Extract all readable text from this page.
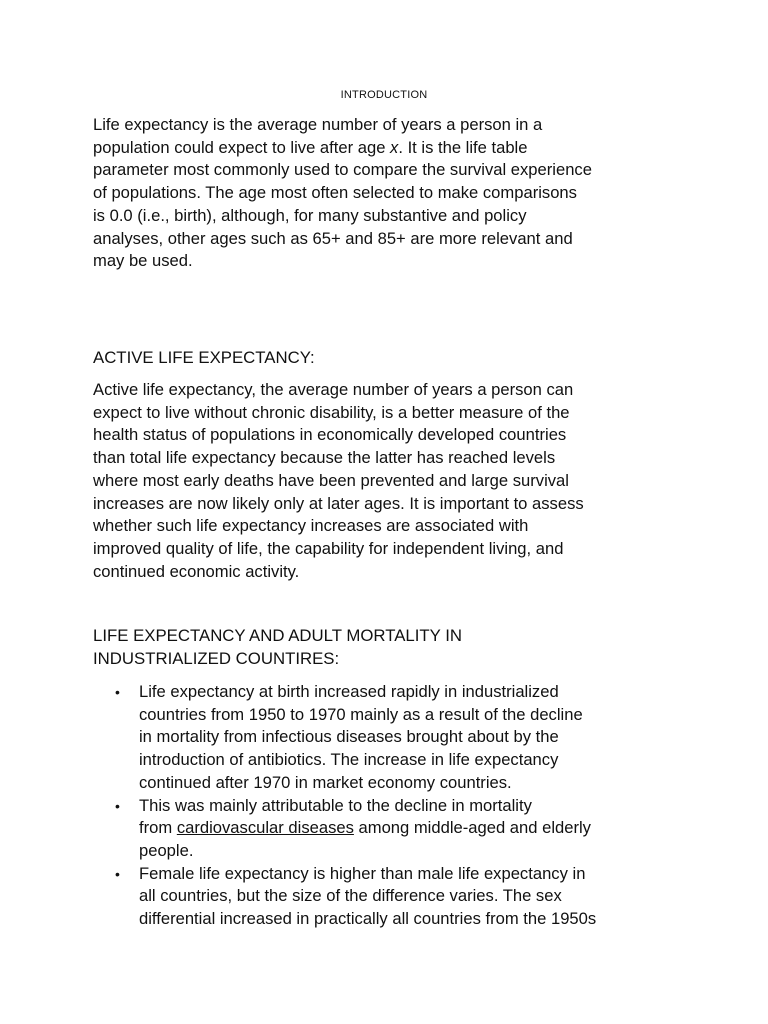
INTRODUCTION

Life expectancy is the average number of years a person in a
population could expect to live after age x. It is the life table
parameter most commonly used to compare the survival experience
of populations. The age most often selected to make comparisons
is 0.0 (i.e., birth), although, for many substantive and policy
analyses, other ages such as 65+ and 85+ are more relevant and
may be used.

ACTIVE LIFE EXPECTANCY:

Active life expectancy, the average number of years a person can
expect to live without chronic disability, is a better measure of the
health status of populations in economically developed countries
than total life expectancy because the latter has reached levels
where most early deaths have been prevented and large survival
increases are now likely only at later ages. It is important to assess
whether such life expectancy increases are associated with
improved quality of life, the capability for independent living, and
continued economic activity.

LIFE EXPECTANCY AND ADULT MORTALITY IN
INDUSTRIALIZED COUNTIRES:
• Life expectancy at birth increased rapidly in industrialized
countries from 1950 to 1970 mainly as a result of the decline
in mortality from infectious diseases brought about by the
introduction of antibiotics. The increase in life expectancy
continued after 1970 in market economy countries.
• This was mainly attributable to the decline in mortality
from cardiovascular diseases among middle-aged and elderly
people.
• Female life expectancy is higher than male life expectancy in
all countries, but the size of the difference varies. The sex
differential increased in practically all countries from the 1950s
